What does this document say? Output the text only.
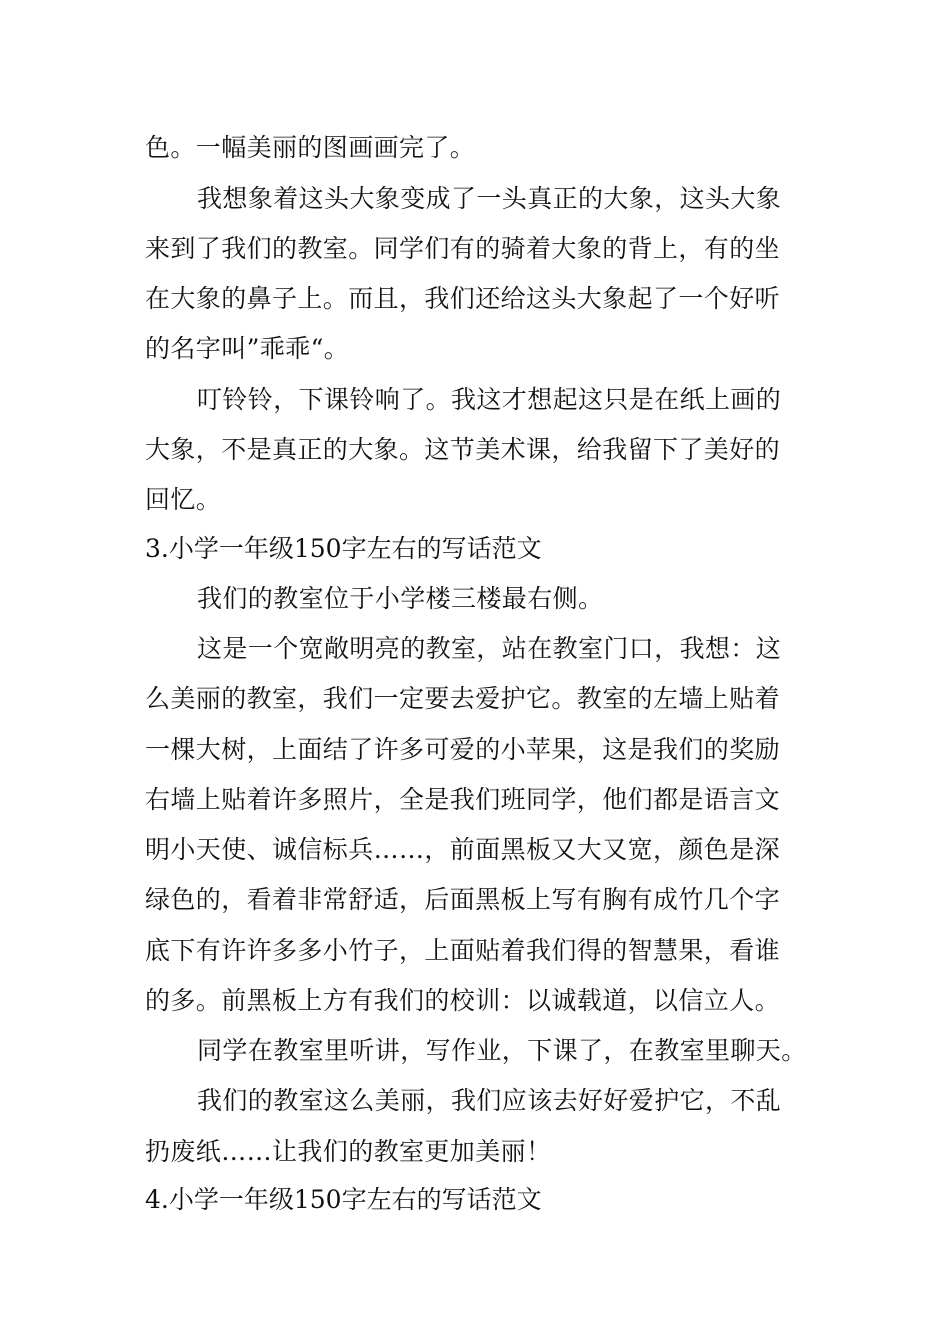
色。一幅美丽的图画画完了。
我想象着这头大象变成了一头真正的大象，这头大象
来到了我们的教室。同学们有的骑着大象的背上，有的坐
在大象的鼻子上。而且，我们还给这头大象起了一个好听
的名字叫”乖乖“。
叮铃铃，下课铃响了。我这才想起这只是在纸上画的
大象，不是真正的大象。这节美术课，给我留下了美好的
回忆。
3.小学一年级150字左右的写话范文
我们的教室位于小学楼三楼最右侧。
这是一个宽敞明亮的教室，站在教室门口，我想：这
么美丽的教室，我们一定要去爱护它。教室的左墙上贴着
一棵大树，上面结了许多可爱的小苹果，这是我们的奖励
右墙上贴着许多照片，全是我们班同学，他们都是语言文
明小天使、诚信标兵……，前面黑板又大又宽，颜色是深
绿色的，看着非常舒适，后面黑板上写有胸有成竹几个字
底下有许许多多小竹子，上面贴着我们得的智慧果，看谁
的多。前黑板上方有我们的校训：以诚载道，以信立人。
同学在教室里听讲，写作业，下课了，在教室里聊天。
我们的教室这么美丽，我们应该去好好爱护它，不乱
扔废纸……让我们的教室更加美丽！
4.小学一年级150字左右的写话范文
